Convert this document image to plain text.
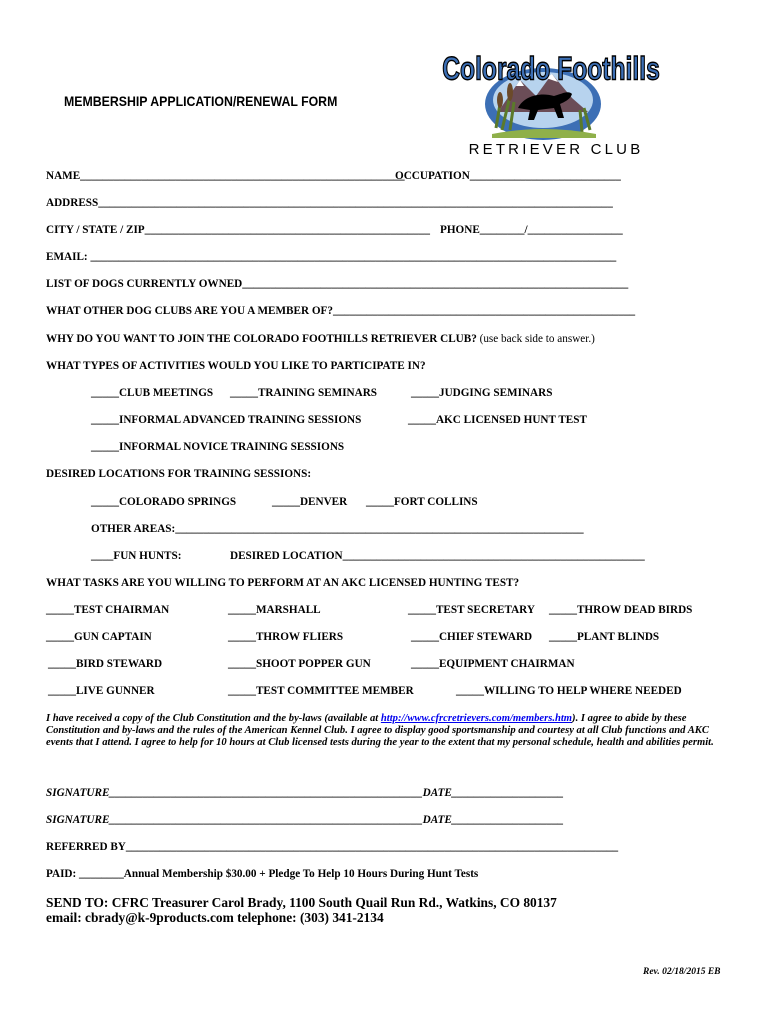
Colorado Foothills
RETRIEVER CLUB
MEMBERSHIP APPLICATION/RENEWAL FORM
NAME__________________________________________________________
OCCUPATION___________________________
ADDRESS____________________________________________________________________________________________
CITY / STATE / ZIP___________________________________________________ PHONE________/_________________
EMAIL: ______________________________________________________________________________________________
LIST OF DOGS CURRENTLY OWNED_____________________________________________________________________
WHAT OTHER DOG CLUBS ARE YOU A MEMBER OF?______________________________________________________
WHY DO YOU WANT TO JOIN THE COLORADO FOOTHILLS RETRIEVER CLUB? (use back side to answer.)
WHAT TYPES OF ACTIVITIES WOULD YOU LIKE TO PARTICIPATE IN?
_____CLUB MEETINGS _____TRAINING SEMINARS	_____JUDGING SEMINARS
_____INFORMAL ADVANCED TRAINING SESSIONS	_____AKC LICENSED HUNT TEST
_____INFORMAL NOVICE TRAINING SESSIONS
DESIRED LOCATIONS FOR TRAINING SESSIONS:
_____COLORADO SPRINGS	_____DENVER _____FORT COLLINS
OTHER AREAS:_________________________________________________________________________
____FUN HUNTS:	DESIRED LOCATION______________________________________________________
WHAT TASKS ARE YOU WILLING TO PERFORM AT AN AKC LICENSED HUNTING TEST?
_____TEST CHAIRMAN	_____MARSHALL	_____TEST SECRETARY _____THROW DEAD BIRDS
_____GUN CAPTAIN	_____THROW FLIERS	_____CHIEF STEWARD _____PLANT BLINDS
_____BIRD STEWARD	_____SHOOT POPPER GUN	_____EQUIPMENT CHAIRMAN
_____LIVE GUNNER	_____TEST COMMITTEE MEMBER	_____WILLING TO HELP WHERE NEEDED
I have received a copy of the Club Constitution and the by-laws (available at http://www.cfrcretrievers.com/members.htm). I agree to abide by these Constitution and by-laws and the rules of the American Kennel Club. I agree to display good sportsmanship and courtesy at all Club functions and AKC events that I attend. I agree to help for 10 hours at Club licensed tests during the year to the extent that my personal schedule, health and abilities permit.
SIGNATURE________________________________________________________DATE____________________
SIGNATURE________________________________________________________DATE____________________
REFERRED BY________________________________________________________________________________________
PAID: ________Annual Membership $30.00 + Pledge To Help 10 Hours During Hunt Tests
SEND TO: CFRC Treasurer Carol Brady, 1100 South Quail Run Rd., Watkins, CO 80137
email: cbrady@k-9products.com telephone: (303) 341-2134
Rev. 02/18/2015 EB
